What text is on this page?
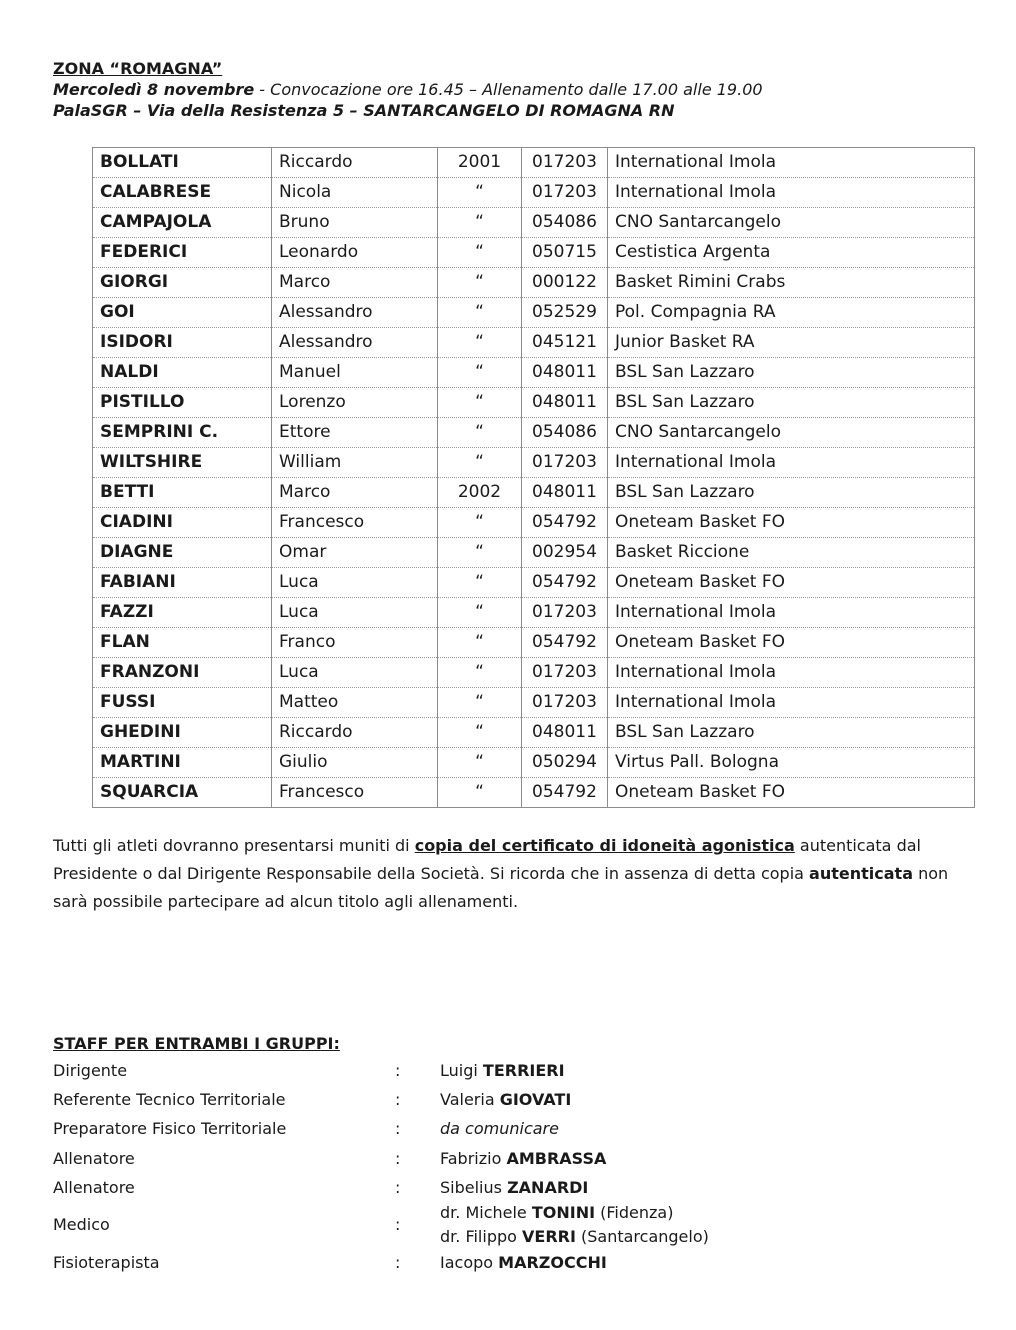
ZONA “ROMAGNA”
Mercoledì 8 novembre - Convocazione ore 16.45 – Allenamento dalle 17.00 alle 19.00
PalaSGR – Via della Resistenza 5 – SANTARCANGELO DI ROMAGNA RN
BOLLATI	Riccardo	2001	017203	International Imola
CALABRESE	Nicola	“	017203	International Imola
CAMPAJOLA	Bruno	“	054086	CNO Santarcangelo
FEDERICI	Leonardo	“	050715	Cestistica Argenta
GIORGI	Marco	“	000122	Basket Rimini Crabs
GOI	Alessandro	“	052529	Pol. Compagnia RA
ISIDORI	Alessandro	“	045121	Junior Basket RA
NALDI	Manuel	“	048011	BSL San Lazzaro
PISTILLO	Lorenzo	“	048011	BSL San Lazzaro
SEMPRINI C.	Ettore	“	054086	CNO Santarcangelo
WILTSHIRE	William	“	017203	International Imola
BETTI	Marco	2002	048011	BSL San Lazzaro
CIADINI	Francesco	“	054792	Oneteam Basket FO
DIAGNE	Omar	“	002954	Basket Riccione
FABIANI	Luca	“	054792	Oneteam Basket FO
FAZZI	Luca	“	017203	International Imola
FLAN	Franco	“	054792	Oneteam Basket FO
FRANZONI	Luca	“	017203	International Imola
FUSSI	Matteo	“	017203	International Imola
GHEDINI	Riccardo	“	048011	BSL San Lazzaro
MARTINI	Giulio	“	050294	Virtus Pall. Bologna
SQUARCIA	Francesco	“	054792	Oneteam Basket FO
Tutti gli atleti dovranno presentarsi muniti di copia del certificato di idoneità agonistica autenticata dal Presidente o dal Dirigente Responsabile della Società. Si ricorda che in assenza di detta copia autenticata non sarà possibile partecipare ad alcun titolo agli allenamenti.
STAFF PER ENTRAMBI I GRUPPI:
Dirigente	: Luigi TERRIERI
Referente Tecnico Territoriale	: Valeria GIOVATI
Preparatore Fisico Territoriale	: da comunicare
Allenatore	: Fabrizio AMBRASSA
Allenatore	: Sibelius ZANARDI
Medico	:
dr. Michele TONINI (Fidenza)
dr. Filippo VERRI (Santarcangelo)
Fisioterapista	: Iacopo MARZOCCHI
